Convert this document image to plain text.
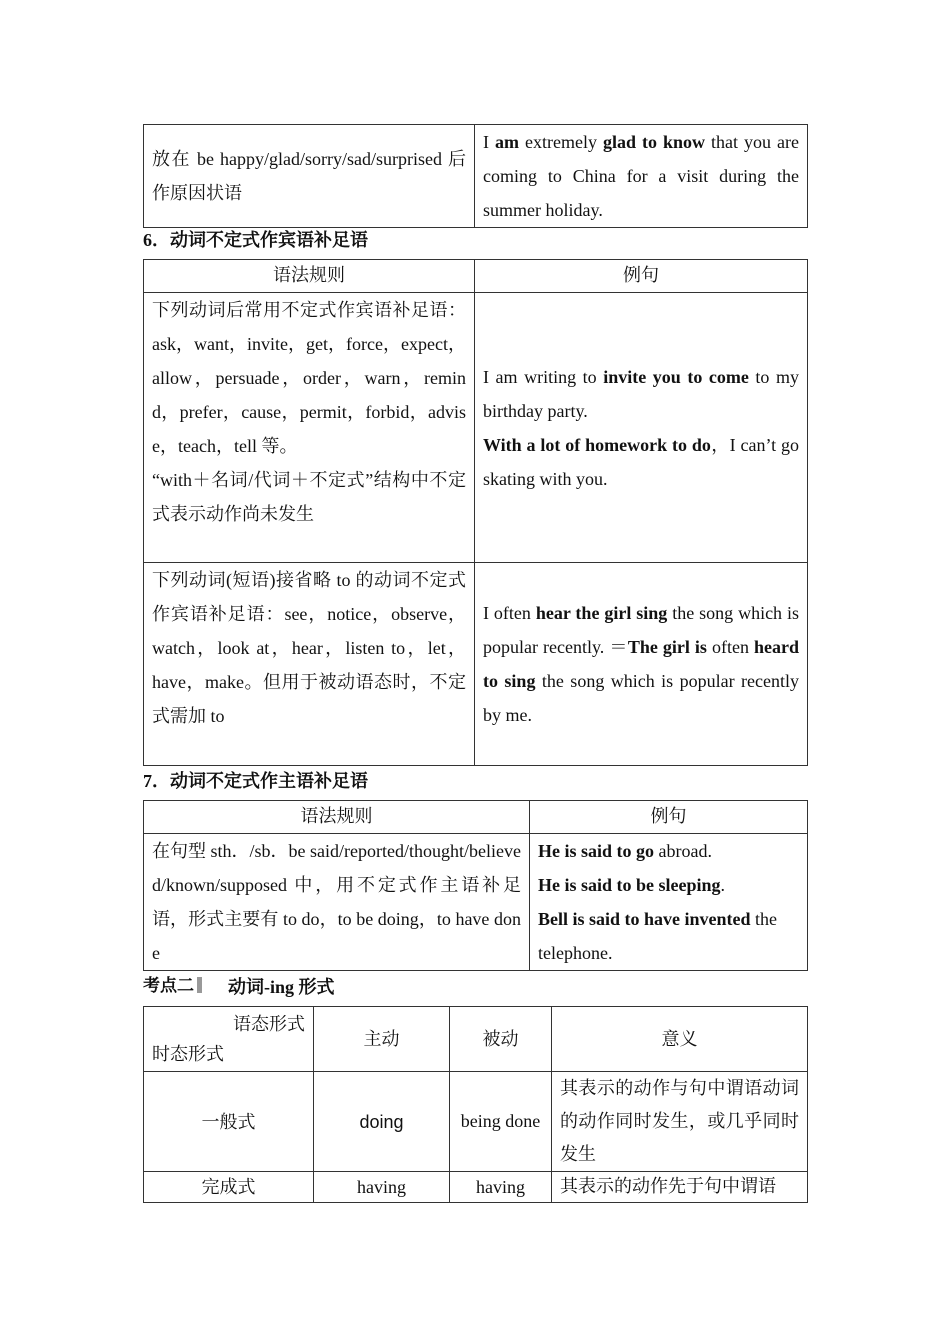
放在 be happy/glad/sorry/sad/surprised 后作原因状语	I am extremely glad to know that you are coming to China for a visit during the summer holiday.
6．动词不定式作宾语补足语
语法规则	例句

下列动词后常用不定式作宾语补足语：
ask，want，invite，get，force，expect，allow，persuade，order，warn，remind，prefer，cause，permit，forbid，advise，teach，tell 等。
“with＋名词/代词＋不定式”结构中不定式表示动作尚未发生	I am writing to invite you to come to my birthday party.
With a lot of homework to do，I can’t go skating with you.

下列动词(短语)接省略 to 的动词不定式作宾语补足语：see，notice，observe，watch，look at，hear，listen to，let，have，make。但用于被动语态时，不定式需加 to	I often hear the girl sing the song which is popular recently. ＝The girl is often heard to sing the song which is popular recently by me.
7．动词不定式作主语补足语
语法规则	例句
在句型 sth．/sb．be said/reported/thought/believed/known/supposed 中，用不定式作主语补足语，形式主要有 to do，to be doing，to have done	He is said to go abroad.
He is said to be sleeping.
Bell is said to have invented the telephone.
考点二	动词-ing 形式
语态形式
时态形式	主动	被动	意义
一般式	doing	being done	其表示的动作与句中谓语动词的动作同时发生，或几乎同时发生
完成式	having	having	其表示的动作先于句中谓语
